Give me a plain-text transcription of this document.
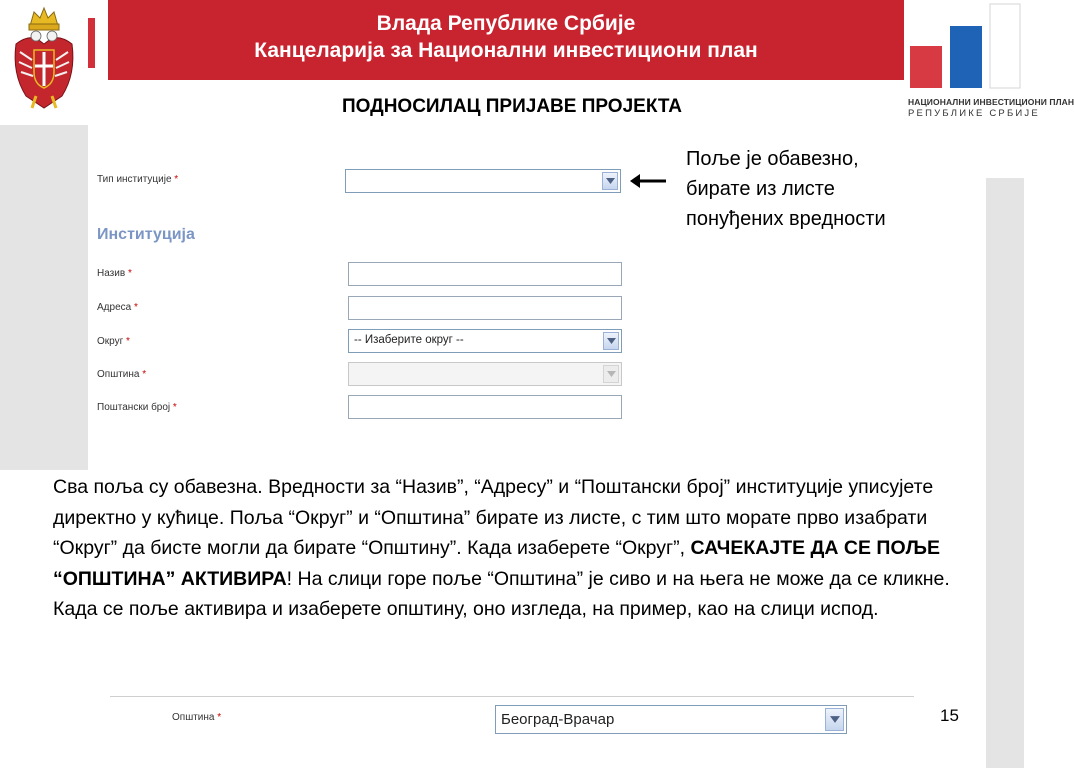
Влада Републике Србије
Канцеларија за Национални инвестициони план
НАЦИОНАЛНИ ИНВЕСТИЦИОНИ ПЛАН
РЕПУБЛИКЕ СРБИЈЕ
ПОДНОСИЛАЦ ПРИЈАВЕ ПРОЈЕКТА
Тип институције *
Поље је обавезно,
бирате из листе
понуђених вредности
Институција
Назив *
Адреса *
Округ *	-- Изаберите округ --
Општина *
Поштански број *
Сва поља су обавезна. Вредности за “Назив”, “Адресу” и “Поштански број” институције уписујете директно у кућице. Поља “Округ” и “Општина” бирате из листе, с тим што морате прво изабрати “Округ” да бисте могли да бирате “Општину”. Када изаберете “Округ”, САЧЕКАЈТЕ ДА СЕ ПОЉЕ “ОПШТИНА” АКТИВИРА! На слици горе поље “Општина” је сиво и на њега не може да се кликне. Када се поље активира и изаберете општину, оно изгледа, на пример, као на слици испод.
Општина *	Београд-Врачар	15
